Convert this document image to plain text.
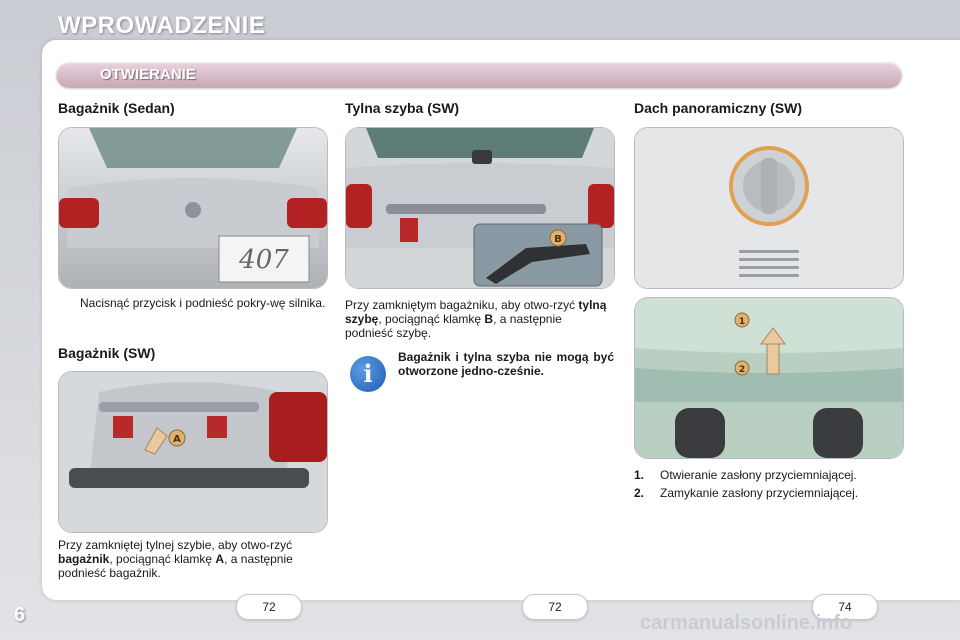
WPROWADZENIE
OTWIERANIE
Bagażnik (Sedan)
407
Nacisnąć przycisk i podnieść pokry-wę silnika.
Bagażnik (SW)
A
Przy zamkniętej tylnej szybie, aby otwo-rzyć bagażnik, pociągnąć klamkę A, a następnie podnieść bagażnik.
72
Tylna szyba (SW)
B
Przy zamkniętym bagażniku, aby otwo-rzyć tylną szybę, pociągnąć klamkę B, a następnie podnieść szybę.
i
Bagażnik i tylna szyba nie mogą być otworzone jedno-cześnie.
72
Dach panoramiczny (SW)
1
2
1. Otwieranie zasłony przyciemniającej.
2. Zamykanie zasłony przyciemniającej.
74
6	carmanualsonline.info
